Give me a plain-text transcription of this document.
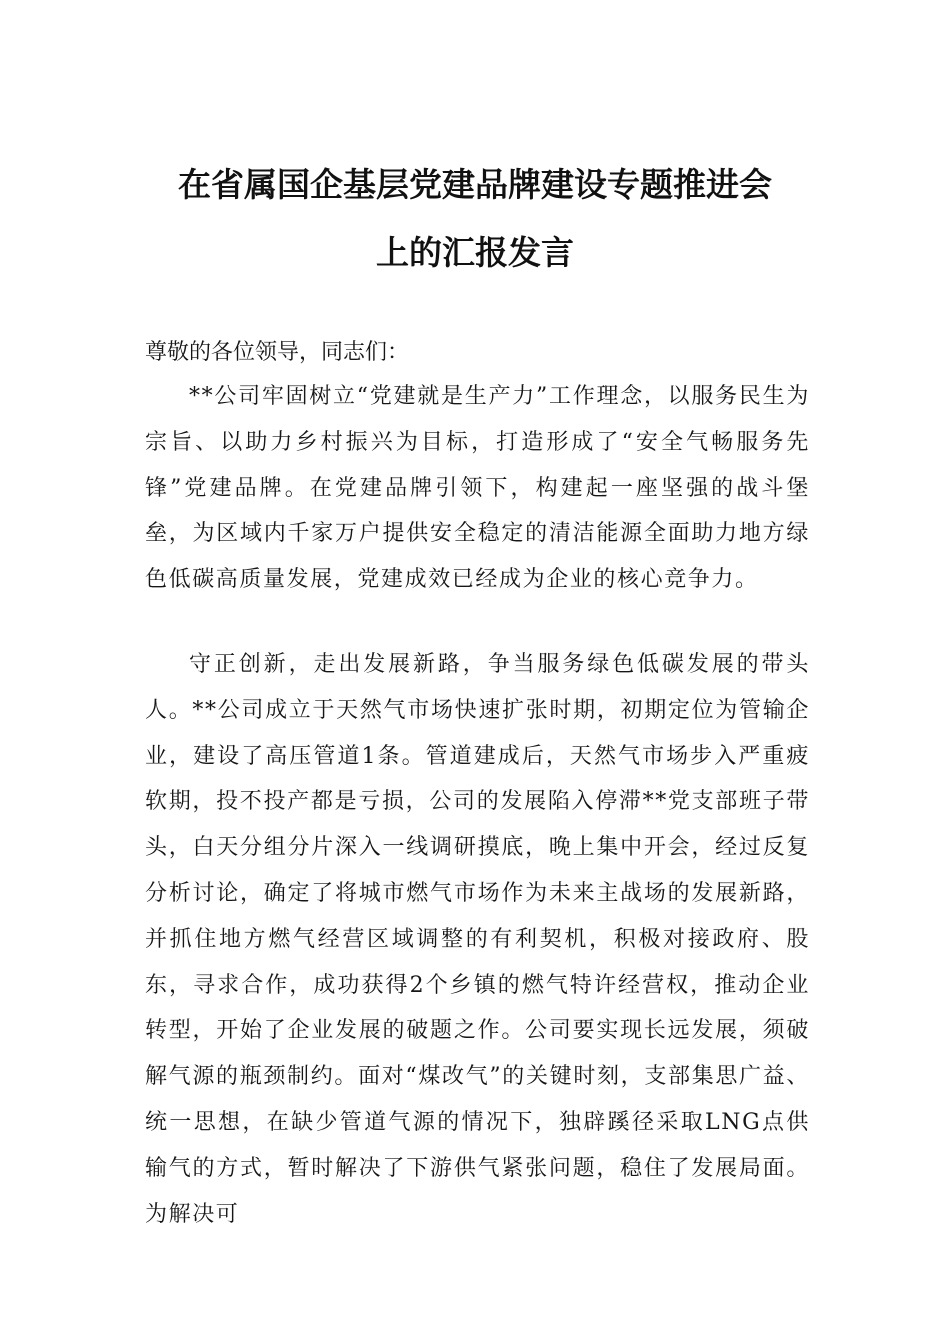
在省属国企基层党建品牌建设专题推进会
上的汇报发言

尊敬的各位领导，同志们：

**公司牢固树立“党建就是生产力”工作理念，以服务民生为宗旨、以助力乡村振兴为目标，打造形成了“安全气畅服务先锋”党建品牌。在党建品牌引领下，构建起一座坚强的战斗堡垒，为区域内千家万户提供安全稳定的清洁能源全面助力地方绿色低碳高质量发展，党建成效已经成为企业的核心竞争力。

守正创新，走出发展新路，争当服务绿色低碳发展的带头人。**公司成立于天然气市场快速扩张时期，初期定位为管输企业，建设了高压管道1条。管道建成后，天然气市场步入严重疲软期，投不投产都是亏损，公司的发展陷入停滞**党支部班子带头，白天分组分片深入一线调研摸底，晚上集中开会，经过反复分析讨论，确定了将城市燃气市场作为未来主战场的发展新路，并抓住地方燃气经营区域调整的有利契机，积极对接政府、股东，寻求合作，成功获得2个乡镇的燃气特许经营权，推动企业转型，开始了企业发展的破题之作。公司要实现长远发展，须破解气源的瓶颈制约。面对“煤改气”的关键时刻，支部集思广益、统一思想，在缺少管道气源的情况下，独辟蹊径采取LNG点供输气的方式，暂时解决了下游供气紧张问题，稳住了发展局面。为解决可
